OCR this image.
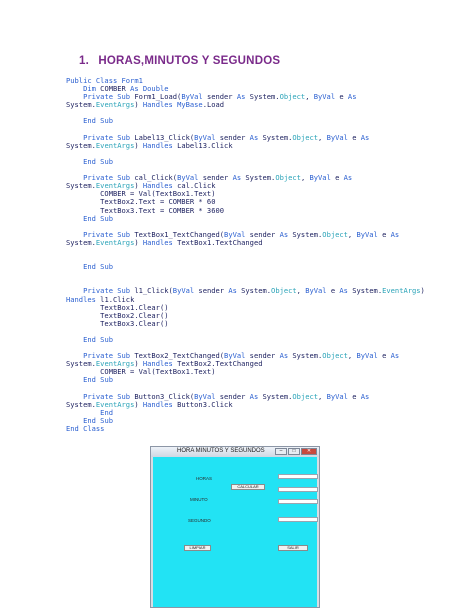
1. HORAS,MINUTOS Y SEGUNDOS
Public Class Form1
Dim COMBER As Double
Private Sub Form1_Load(ByVal sender As System.Object, ByVal e As
System.EventArgs) Handles MyBase.Load
End Sub
Private Sub Label13_Click(ByVal sender As System.Object, ByVal e As
System.EventArgs) Handles Label13.Click
End Sub
Private Sub cal_Click(ByVal sender As System.Object, ByVal e As
System.EventArgs) Handles cal.Click
COMBER = Val(TextBox1.Text)
TextBox2.Text = COMBER * 60
TextBox3.Text = COMBER * 3600
End Sub
Private Sub TextBox1_TextChanged(ByVal sender As System.Object, ByVal e As
System.EventArgs) Handles TextBox1.TextChanged
End Sub
Private Sub l1_Click(ByVal sender As System.Object, ByVal e As System.EventArgs)
Handles l1.Click
TextBox1.Clear()
TextBox2.Clear()
TextBox3.Clear()
End Sub
Private Sub TextBox2_TextChanged(ByVal sender As System.Object, ByVal e As
System.EventArgs) Handles TextBox2.TextChanged
COMBER = Val(TextBox1.Text)
End Sub
Private Sub Button3_Click(ByVal sender As System.Object, ByVal e As
System.EventArgs) Handles Button3.Click
End
End Sub
End Class
HORA MINUTOS Y SEGUNDOS	–	□	✕
HORAS
CALCULAR
MINUTO
SEGUNDO
LIMPIAR	SALIR
